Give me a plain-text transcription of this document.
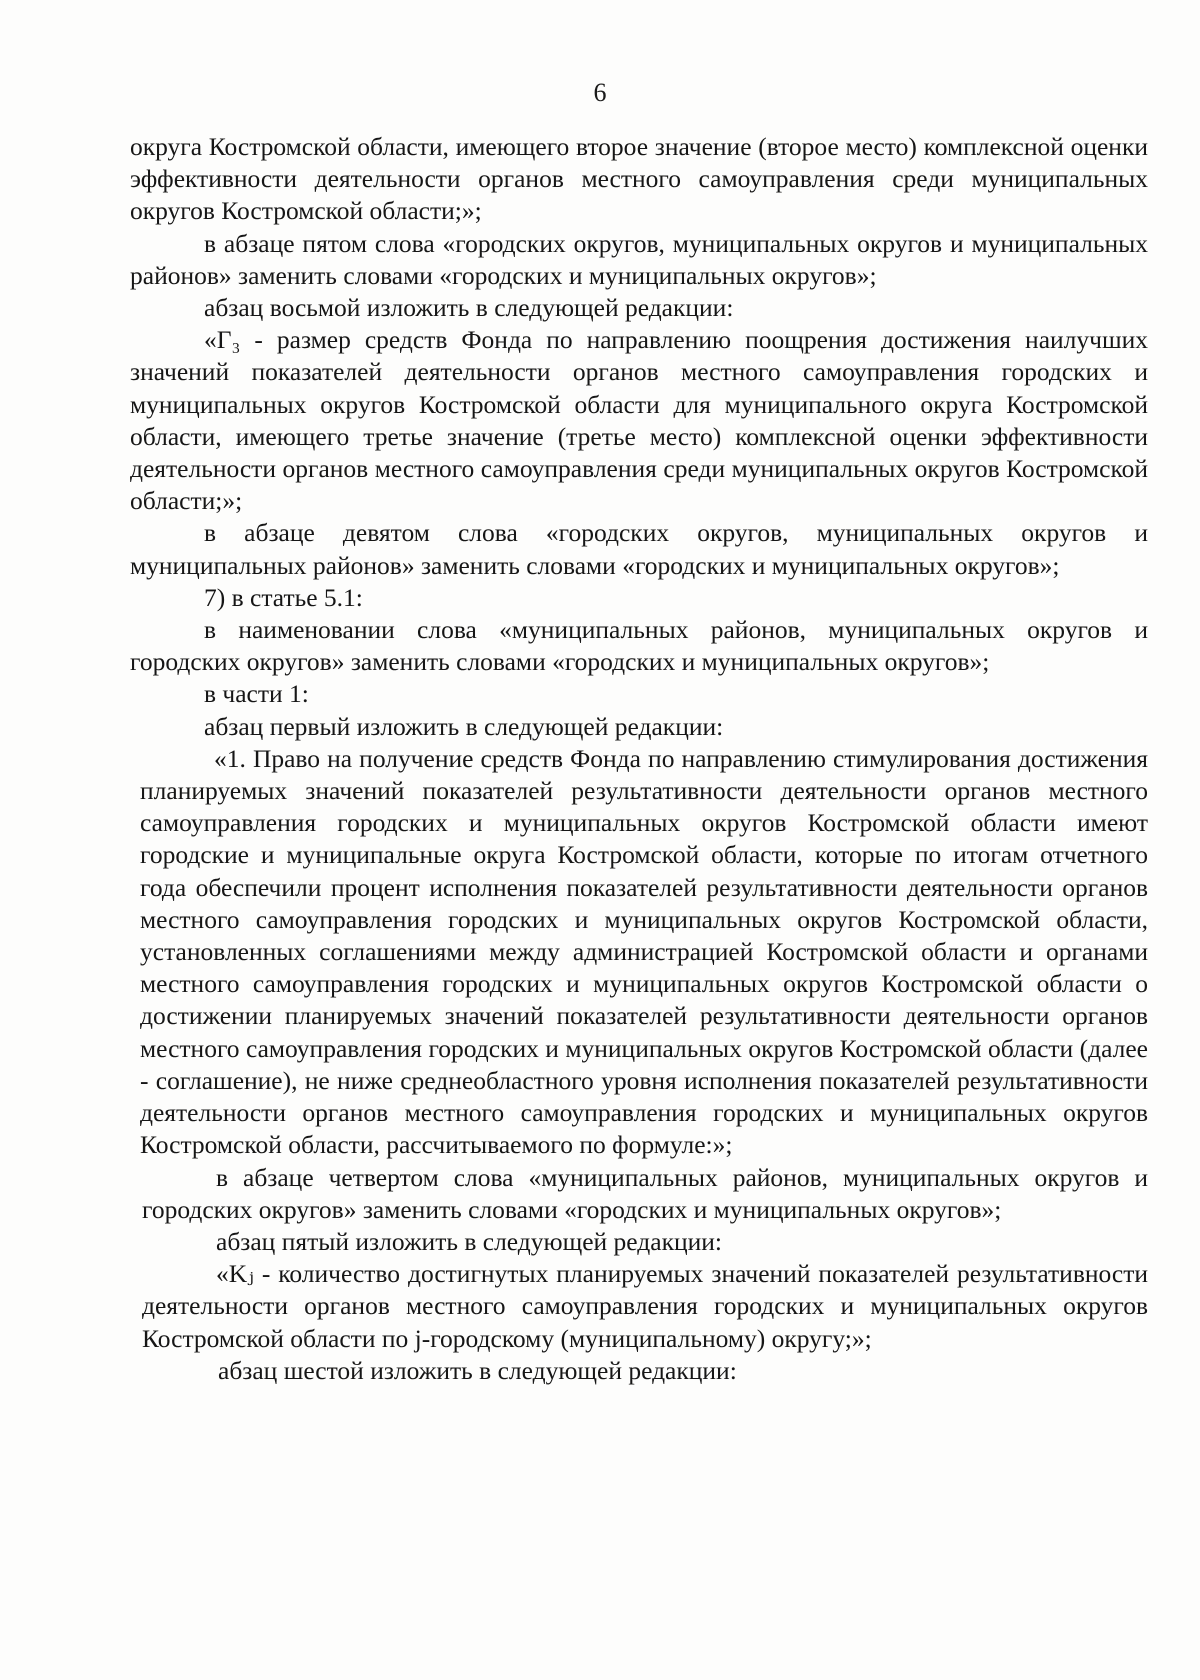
6

округа Костромской области, имеющего второе значение (второе место) комплексной оценки эффективности деятельности органов местного самоуправления среди муниципальных округов Костромской области;»;

в абзаце пятом слова «городских округов, муниципальных округов и муниципальных районов» заменить словами «городских и муниципальных округов»;

абзац восьмой изложить в следующей редакции:

«Г₃ - размер средств Фонда по направлению поощрения достижения наилучших значений показателей деятельности органов местного самоуправления городских и муниципальных округов Костромской области для муниципального округа Костромской области, имеющего третье значение (третье место) комплексной оценки эффективности деятельности органов местного самоуправления среди муниципальных округов Костромской области;»;

в абзаце девятом слова «городских округов, муниципальных округов и муниципальных районов» заменить словами «городских и муниципальных округов»;

7) в статье 5.1:

в наименовании слова «муниципальных районов, муниципальных округов и городских округов» заменить словами «городских и муниципальных округов»;

в части 1:

абзац первый изложить в следующей редакции:

«1. Право на получение средств Фонда по направлению стимулирования достижения планируемых значений показателей результативности деятельности органов местного самоуправления городских и муниципальных округов Костромской области имеют городские и муниципальные округа Костромской области, которые по итогам отчетного года обеспечили процент исполнения показателей результативности деятельности органов местного самоуправления городских и муниципальных округов Костромской области, установленных соглашениями между администрацией Костромской области и органами местного самоуправления городских и муниципальных округов Костромской области о достижении планируемых значений показателей результативности деятельности органов местного самоуправления городских и муниципальных округов Костромской области (далее - соглашение), не ниже среднеобластного уровня исполнения показателей результативности деятельности органов местного самоуправления городских и муниципальных округов Костромской области, рассчитываемого по формуле:»;

в абзаце четвертом слова «муниципальных районов, муниципальных округов и городских округов» заменить словами «городских и муниципальных округов»;

абзац пятый изложить в следующей редакции:

«Kⱼ - количество достигнутых планируемых значений показателей результативности деятельности органов местного самоуправления городских и муниципальных округов Костромской области по j-городскому (муниципальному) округу;»;

абзац шестой изложить в следующей редакции:
